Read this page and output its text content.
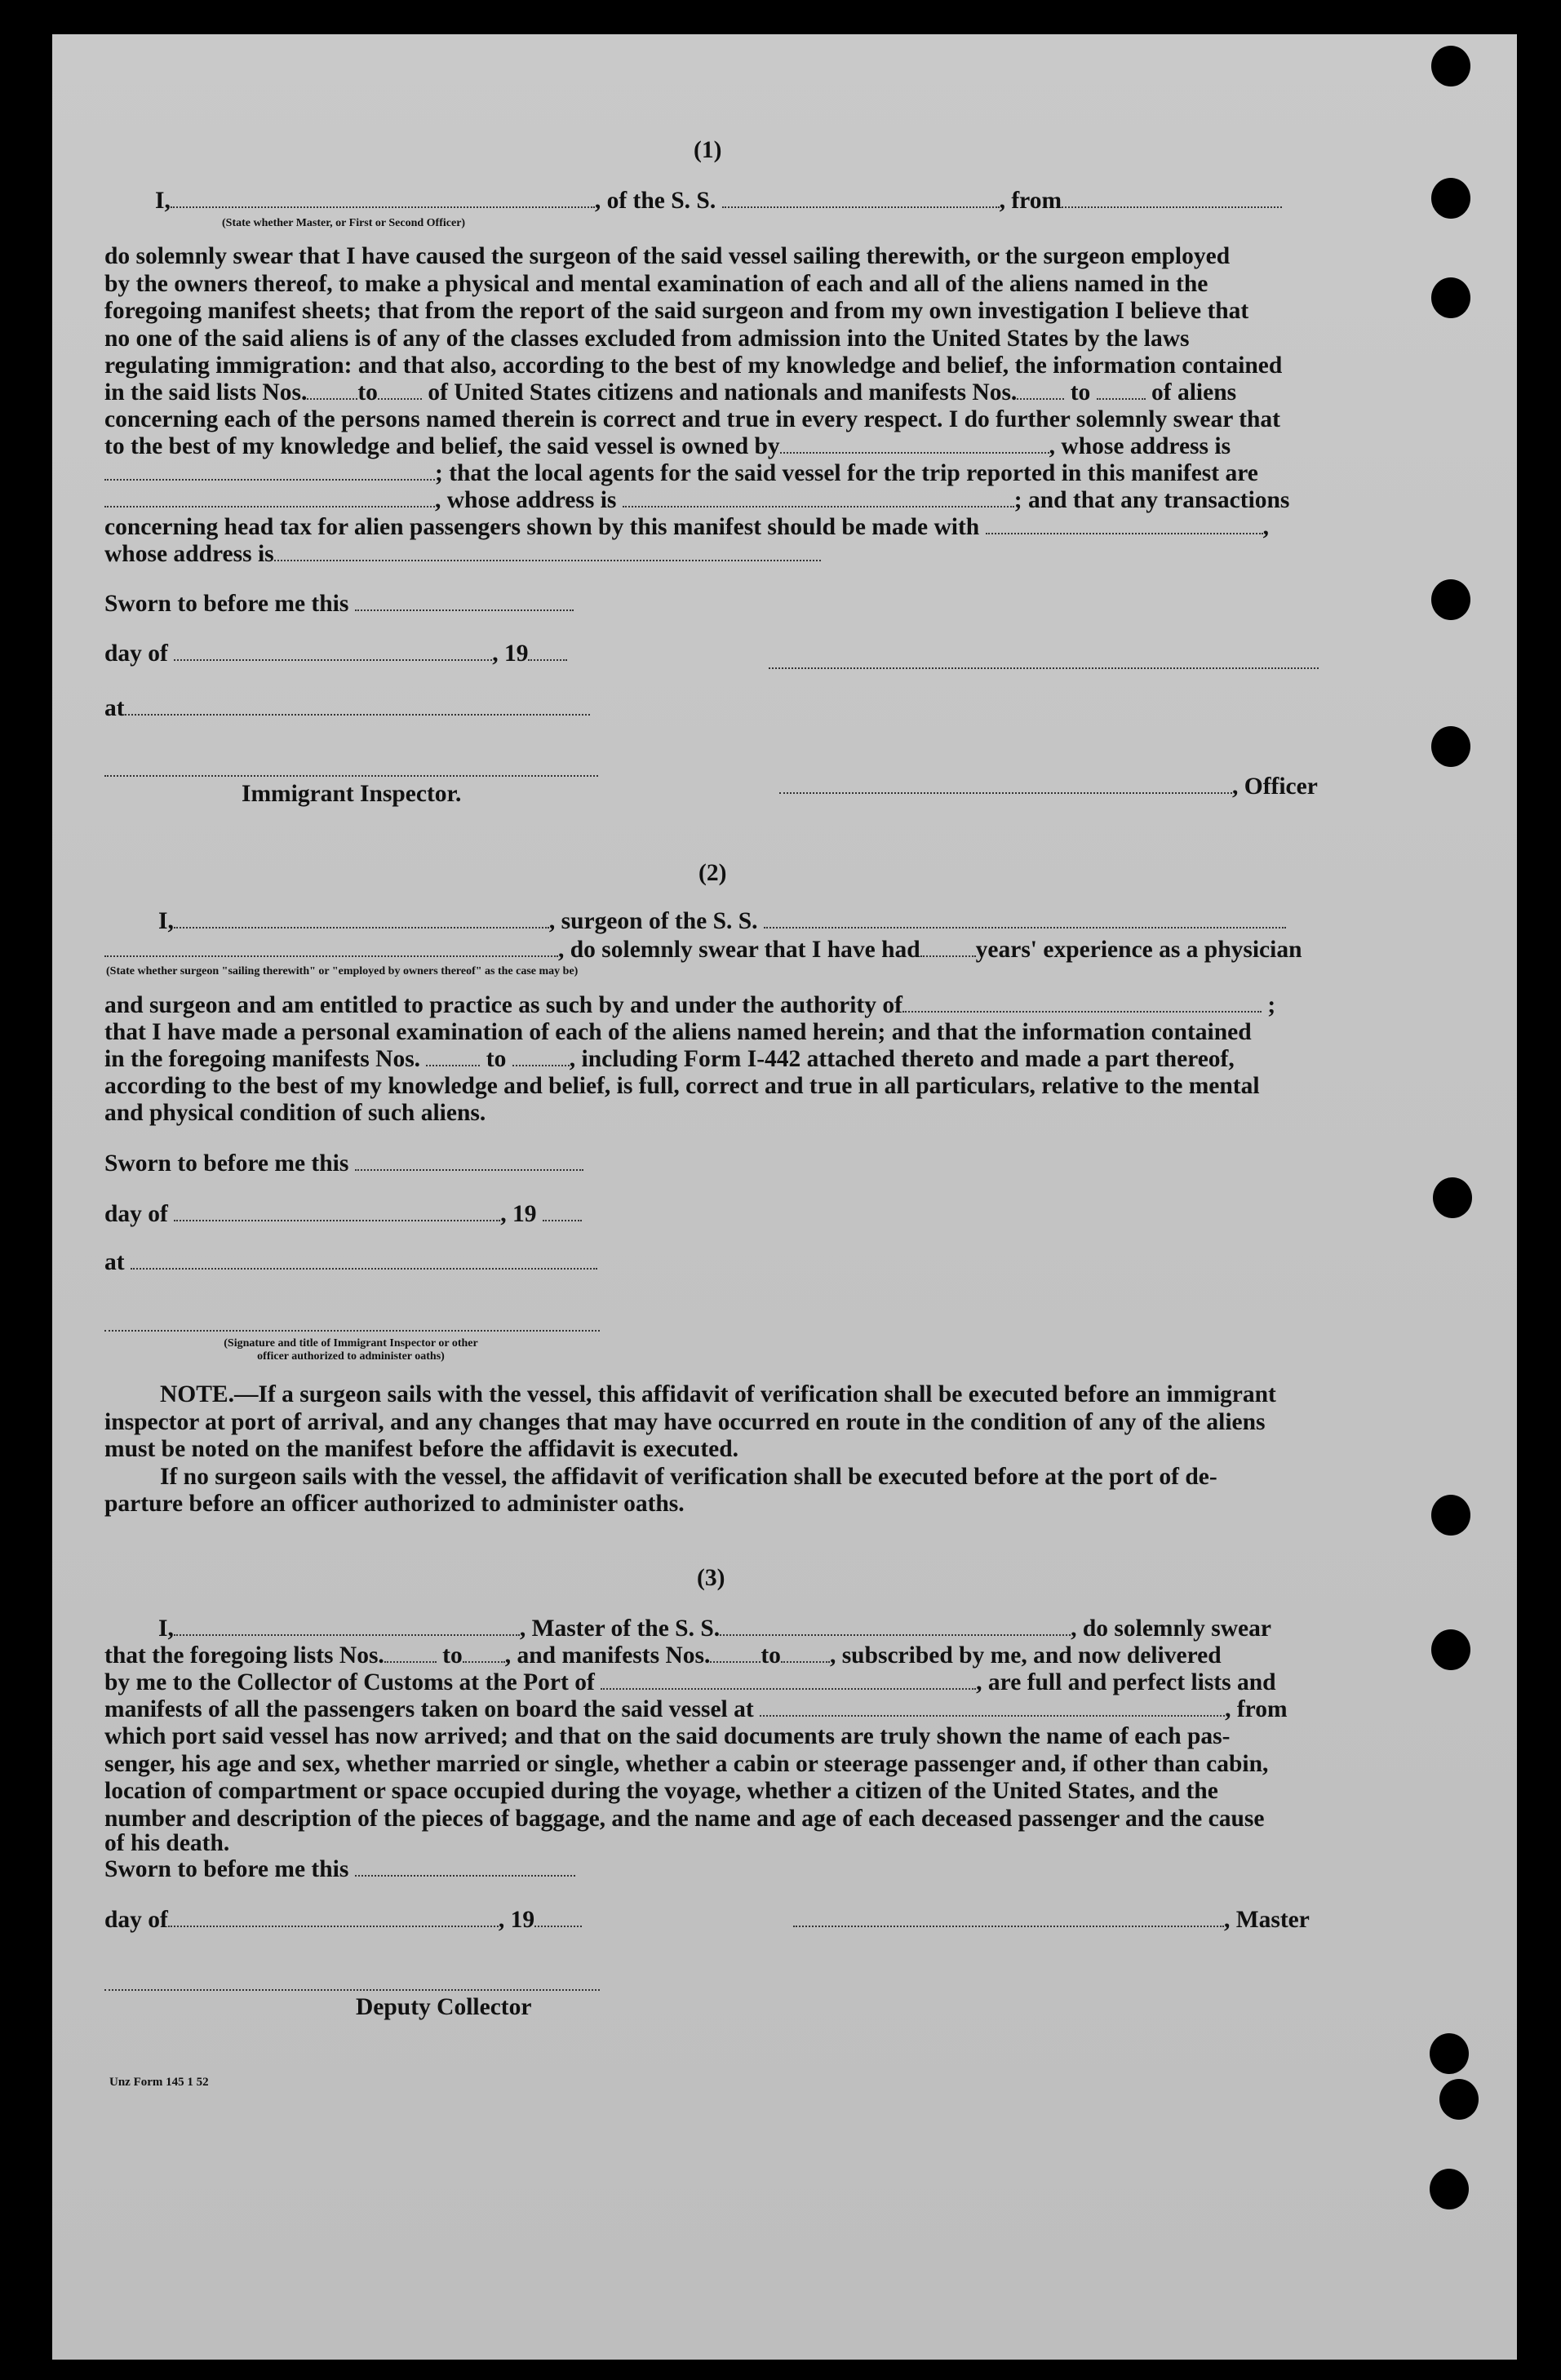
(1)
I,	, of the S. S.	, from
(State whether Master, or First or Second Officer)

do solemnly swear that I have caused the surgeon of the said vessel sailing therewith, or the surgeon employed

by the owners thereof, to make a physical and mental examination of each and all of the aliens named in the

foregoing manifest sheets; that from the report of the said surgeon and from my own investigation I believe that

no one of the said aliens is of any of the classes excluded from admission into the United States by the laws

regulating immigration: and that also, according to the best of my knowledge and belief, the information contained

in the said lists Nos. to of United States citizens and nationals and manifests Nos. to	of aliens
concerning each of the persons named therein is correct and true in every respect. I do further solemnly swear that
to the best of my knowledge and belief, the said vessel is owned by	, whose address is
; that the local agents for the said vessel for the trip reported in this manifest are
, whose address is	; and that any transactions
concerning head tax for alien passengers shown by this manifest should be made with	,
whose address is
Sworn to before me this
day of	, 19
at
Immigrant Inspector.	, Officer
(2)
I,	, surgeon of the S. S.
, do solemnly swear that I have had years' experience as a physician
(State whether surgeon "sailing therewith" or "employed by owners thereof" as the case may be)
and surgeon and am entitled to practice as such by and under the authority of	;
that I have made a personal examination of each of the aliens named herein; and that the information contained
in the foregoing manifests Nos.	to	, including Form I-442 attached thereto and made a part thereof,
according to the best of my knowledge and belief, is full, correct and true in all particulars, relative to the mental
and physical condition of such aliens.
Sworn to before me this
day of	, 19
at
(Signature and title of Immigrant Inspector or other
officer authorized to administer oaths)

NOTE.—If a surgeon sails with the vessel, this affidavit of verification shall be executed before an immigrant

inspector at port of arrival, and any changes that may have occurred en route in the condition of any of the aliens

must be noted on the manifest before the affidavit is executed.

If no surgeon sails with the vessel, the affidavit of verification shall be executed before at the port of de-

parture before an officer authorized to administer oaths.

(3)
I,	, Master of the S. S.	, do solemnly swear
that the foregoing lists Nos. to , and manifests Nos. to , subscribed by me, and now delivered
by me to the Collector of Customs at the Port of	, are full and perfect lists and
manifests of all the passengers taken on board the said vessel at	, from

which port said vessel has now arrived; and that on the said documents are truly shown the name of each pas-

senger, his age and sex, whether married or single, whether a cabin or steerage passenger and, if other than cabin,

location of compartment or space occupied during the voyage, whether a citizen of the United States, and the

number and description of the pieces of baggage, and the name and age of each deceased passenger and the cause

of his death.

Sworn to before me this
day of	, 19	, Master
Deputy Collector
Unz Form 145 1 52
